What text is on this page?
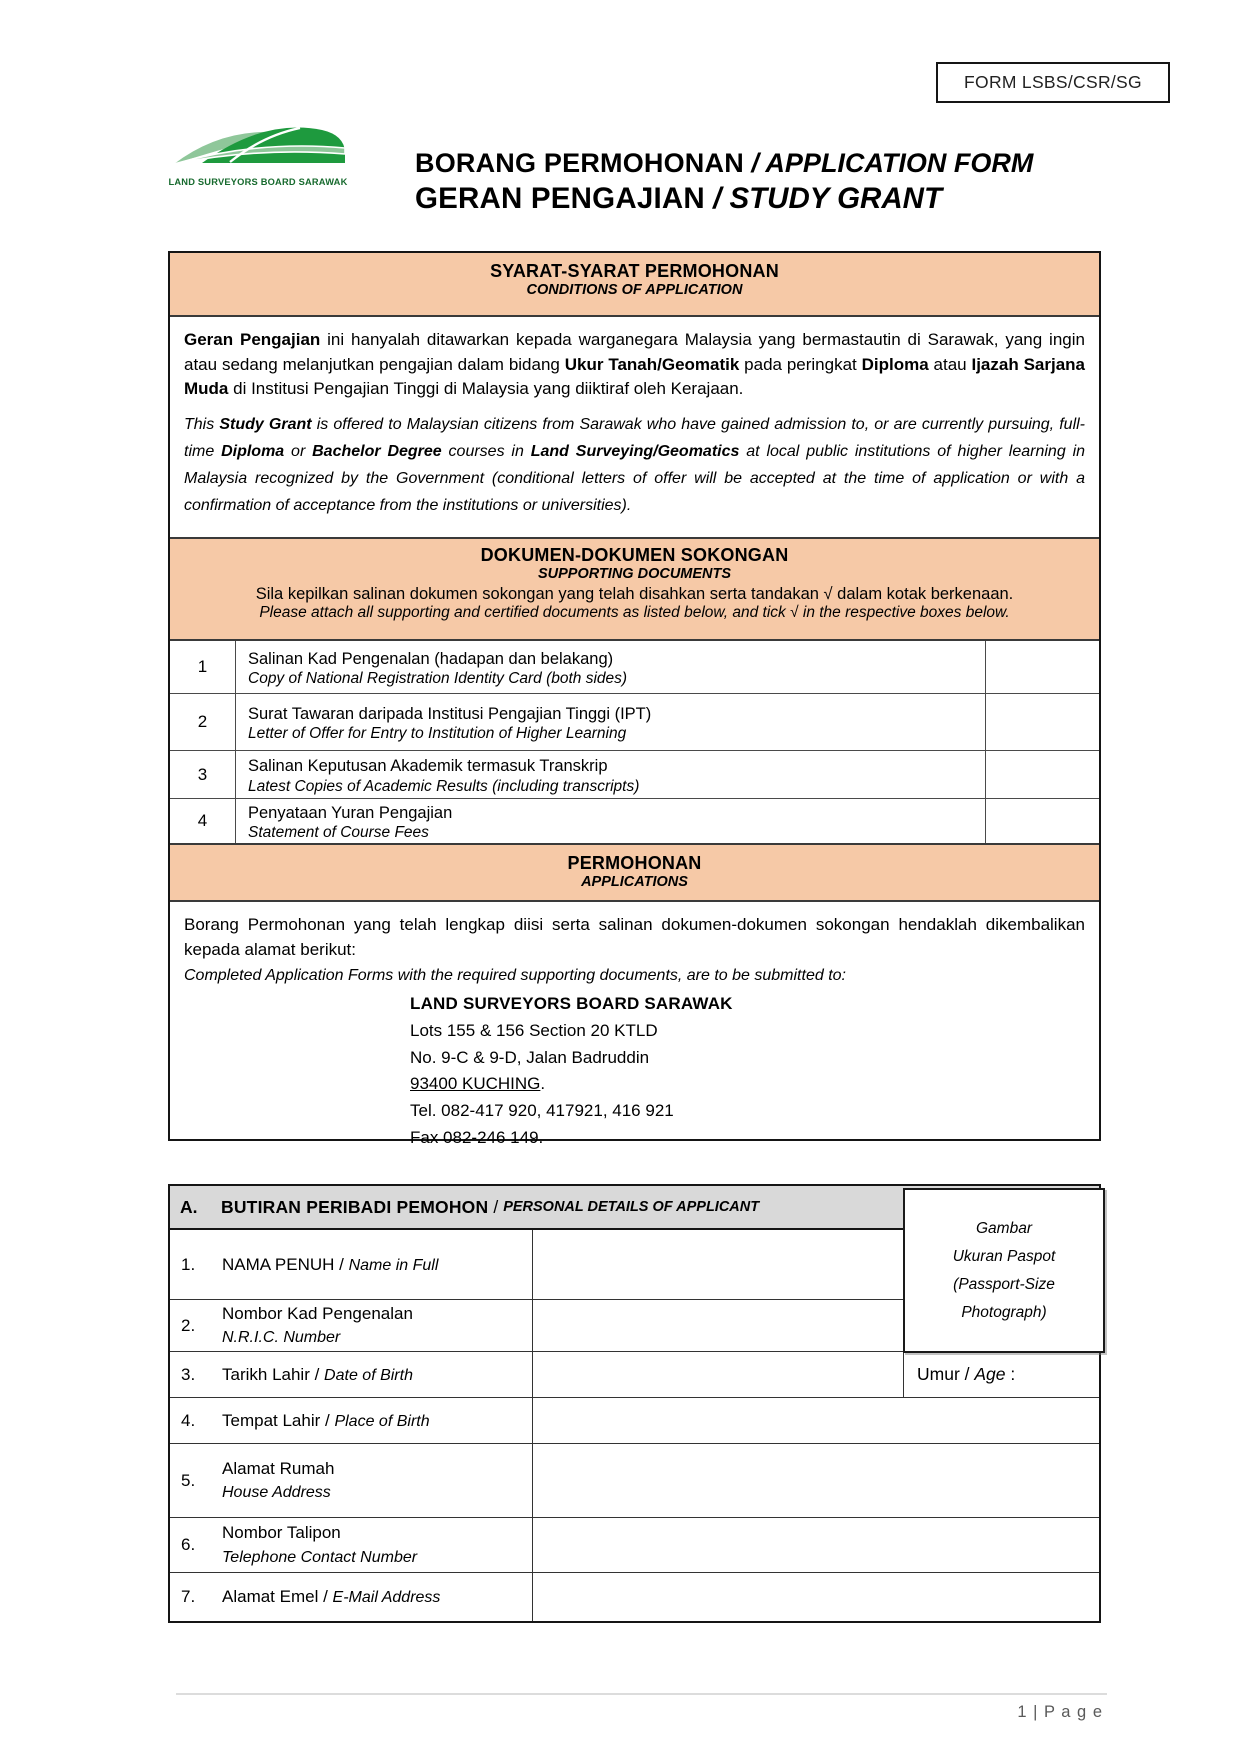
FORM LSBS/CSR/SG
LAND SURVEYORS BOARD SARAWAK
BORANG PERMOHONAN / APPLICATION FORM
GERAN PENGAJIAN / STUDY GRANT
SYARAT-SYARAT PERMOHONAN
CONDITIONS OF APPLICATION

Geran Pengajian ini hanyalah ditawarkan kepada warganegara Malaysia yang bermastautin di Sarawak, yang ingin atau sedang melanjutkan pengajian dalam bidang Ukur Tanah/Geomatik pada peringkat Diploma atau Ijazah Sarjana Muda di Institusi Pengajian Tinggi di Malaysia yang diiktiraf oleh Kerajaan.

This Study Grant is offered to Malaysian citizens from Sarawak who have gained admission to, or are currently pursuing, full-time Diploma or Bachelor Degree courses in Land Surveying/Geomatics at local public institutions of higher learning in Malaysia recognized by the Government (conditional letters of offer will be accepted at the time of application or with a confirmation of acceptance from the institutions or universities).

DOKUMEN-DOKUMEN SOKONGAN
SUPPORTING DOCUMENTS
Sila kepilkan salinan dokumen sokongan yang telah disahkan serta tandakan √ dalam kotak berkenaan.
Please attach all supporting and certified documents as listed below, and tick √ in the respective boxes below.
1	Salinan Kad Pengenalan (hadapan dan belakang)
Copy of National Registration Identity Card (both sides)
2	Surat Tawaran daripada Institusi Pengajian Tinggi (IPT)
Letter of Offer for Entry to Institution of Higher Learning
3	Salinan Keputusan Akademik termasuk Transkrip
Latest Copies of Academic Results (including transcripts)
4	Penyataan Yuran Pengajian
Statement of Course Fees
PERMOHONAN
APPLICATIONS

Borang Permohonan yang telah lengkap diisi serta salinan dokumen-dokumen sokongan hendaklah dikembalikan kepada alamat berikut:

Completed Application Forms with the required supporting documents, are to be submitted to:

LAND SURVEYORS BOARD SARAWAK
Lots 155 & 156 Section 20 KTLD
No. 9-C & 9-D, Jalan Badruddin
93400 KUCHING.
Tel. 082-417 920, 417921, 416 921
Fax 082-246 149.
A.	BUTIRAN PERIBADI PEMOHON / PERSONAL DETAILS OF APPLICANT
1.	NAMA PENUH / Name in Full
2.
Nombor Kad Pengenalan
N.R.I.C. Number
3.	Tarikh Lahir / Date of Birth	Umur / Age :
4.	Tempat Lahir / Place of Birth
5.
Alamat Rumah
House Address
6.
Nombor Talipon
Telephone Contact Number
7.	Alamat Emel / E-Mail Address
Gambar
Ukuran Paspot
(Passport-Size
Photograph)
1 | P a g e
